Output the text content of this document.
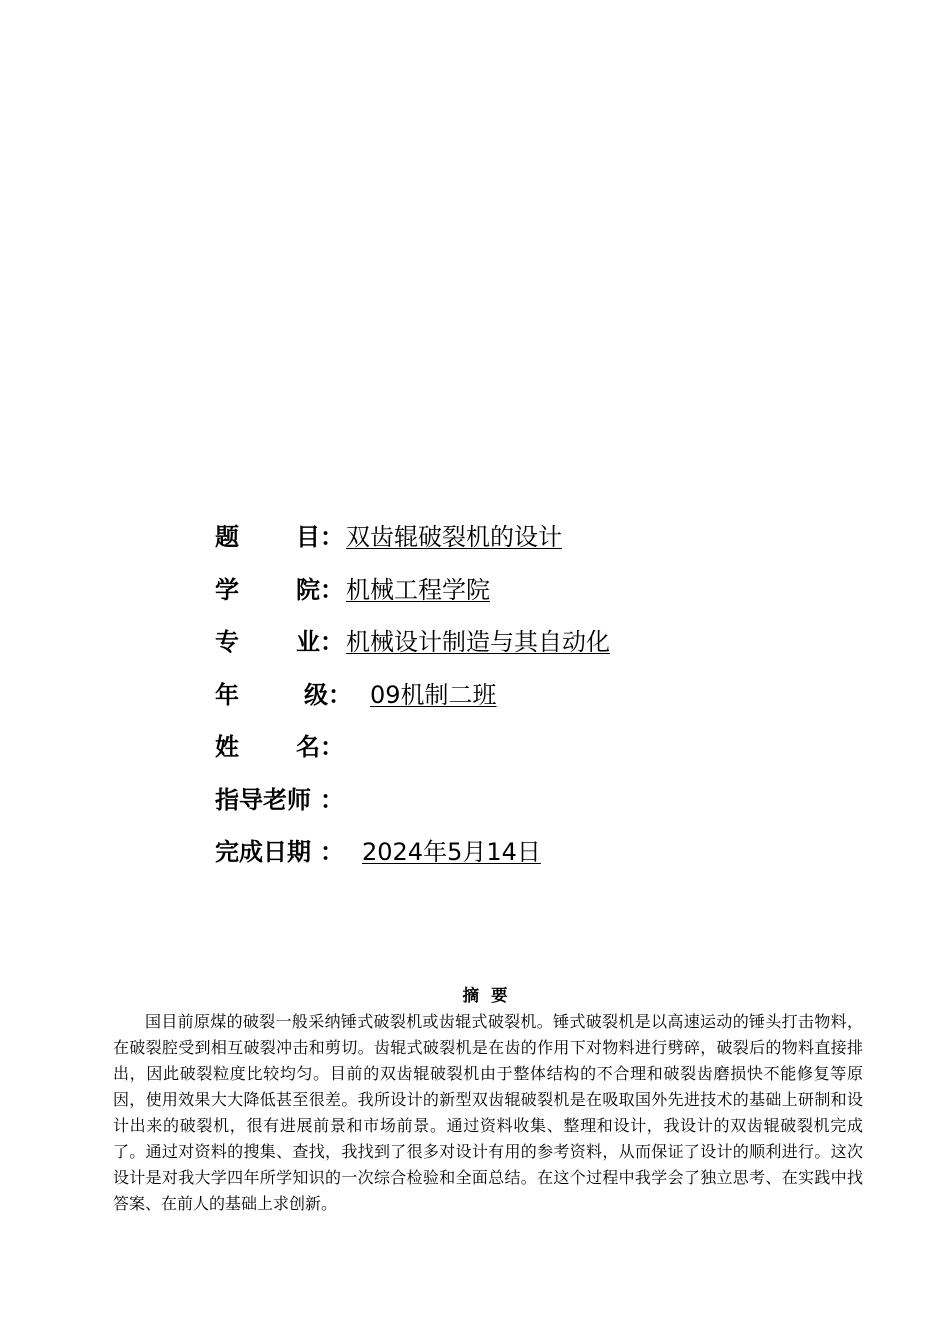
题目 ： 双齿辊破裂机的设计
学院 ： 机械工程学院
专业 ： 机械设计制造与其自动化
年级 ： 09机制二班
姓名 ：
指导老师 ：
完成日期 ： 2024年5月14日
摘要

国目前原煤的破裂一般采纳锤式破裂机或齿辊式破裂机。锤式破裂机是以高速运动的锤头打击物料，在破裂腔受到相互破裂冲击和剪切。齿辊式破裂机是在齿的作用下对物料进行劈碎，破裂后的物料直接排出，因此破裂粒度比较均匀。目前的双齿辊破裂机由于整体结构的不合理和破裂齿磨损快不能修复等原因，使用效果大大降低甚至很差。我所设计的新型双齿辊破裂机是在吸取国外先进技术的基础上研制和设计出来的破裂机，很有进展前景和市场前景。通过资料收集、整理和设计，我设计的双齿辊破裂机完成了。通过对资料的搜集、查找，我找到了很多对设计有用的参考资料，从而保证了设计的顺利进行。这次设计是对我大学四年所学知识的一次综合检验和全面总结。在这个过程中我学会了独立思考、在实践中找答案、在前人的基础上求创新。
